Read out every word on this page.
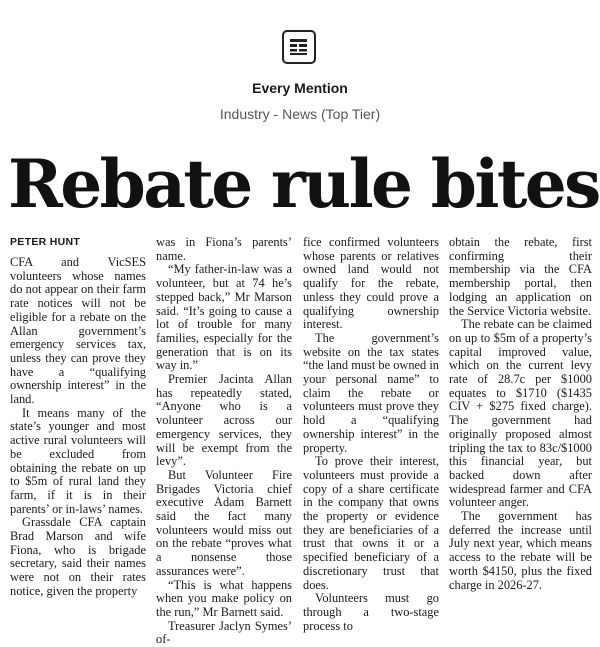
Every Mention
Industry - News (Top Tier)
Rebate rule bites
PETER HUNT

CFA and VicSES volunteers whose names do not appear on their farm rate notices will not be eligible for a rebate on the Allan government’s emergency services tax, unless they can prove they have a “qualifying ownership interest” in the land.

It means many of the state’s younger and most active rural volunteers will be excluded from obtaining the rebate on up to $5m of rural land they farm, if it is in their parents’ or in-laws’ names.

Grassdale CFA captain Brad Marson and wife Fiona, who is brigade secretary, said their names were not on their rates notice, given the property

was in Fiona’s parents’ name.

“My father-in-law was a volunteer, but at 74 he’s stepped back,” Mr Marson said. “It’s going to cause a lot of trouble for many families, especially for the generation that is on its way in.”

Premier Jacinta Allan has repeatedly stated, “Anyone who is a volunteer across our emergency services, they will be exempt from the levy”.

But Volunteer Fire Brigades Victoria chief executive Adam Barnett said the fact many volunteers would miss out on the rebate “proves what a nonsense those assurances were”.

“This is what happens when you make policy on the run,” Mr Barnett said.

Treasurer Jaclyn Symes’ of-

fice confirmed volunteers whose parents or relatives owned land would not qualify for the rebate, unless they could prove a qualifying ownership interest.

The government’s website on the tax states “the land must be owned in your personal name” to claim the rebate or volunteers must prove they hold a “qualifying ownership interest” in the property.

To prove their interest, volunteers must provide a copy of a share certificate in the company that owns the property or evidence they are beneficiaries of a trust that owns it or a specified beneficiary of a discretionary trust that does.

Volunteers must go through a two-stage process to

obtain the rebate, first confirming their membership via the CFA membership portal, then lodging an application on the Service Victoria website.

The rebate can be claimed on up to $5m of a property’s capital improved value, which on the current levy rate of 28.7c per $1000 equates to $1710 ($1435 CIV + $275 fixed charge). The government had originally proposed almost tripling the tax to 83c/$1000 this financial year, but backed down after widespread farmer and CFA volunteer anger.

The government has deferred the increase until July next year, which means access to the rebate will be worth $4150, plus the fixed charge in 2026-27.
